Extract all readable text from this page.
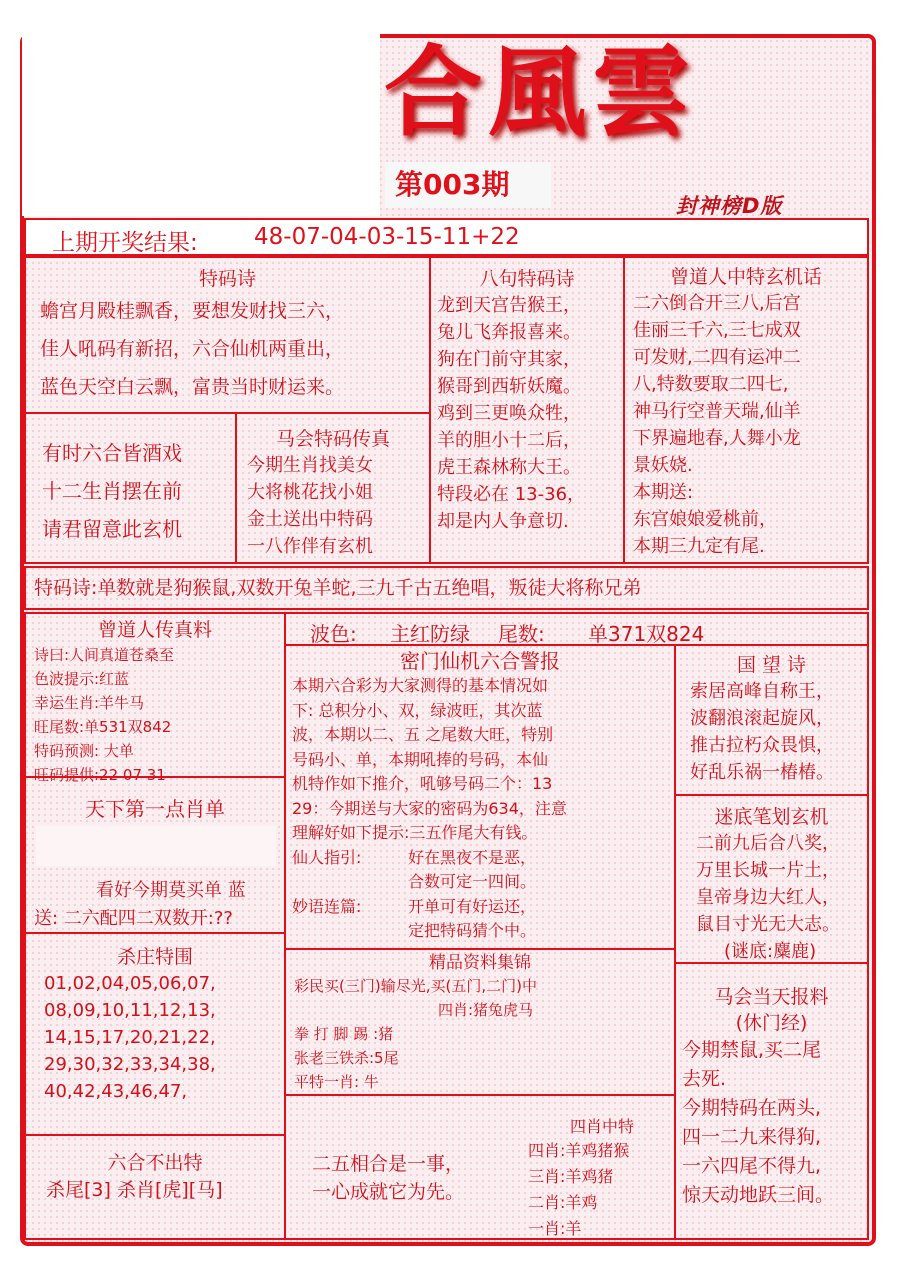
合風雲
第003期
封神榜D版
上期开奖结果: 48-07-04-03-15-11+22
特码诗
蟾宫月殿桂飘香，要想发财找三六，
佳人吼码有新招，六合仙机两重出，
蓝色天空白云飘，富贵当时财运来。
八句特码诗
龙到天宫告猴王，
兔儿飞奔报喜来。
狗在门前守其家，
猴哥到西斩妖魔。
鸡到三更唤众牲，
羊的胆小十二后，
虎王森林称大王。
特段必在 13-36，
却是内人争意切.
曾道人中特玄机话
二六倒合开三八,后宫
佳丽三千六,三七成双
可发财,二四有运冲二
八,特数要取二四七,
神马行空普天瑞,仙羊
下界遍地春,人舞小龙
景妖娆.
本期送:
东宫娘娘爱桃前，
本期三九定有尾.
有时六合皆酒戏
十二生肖摆在前
请君留意此玄机
马会特码传真
今期生肖找美女
大将桃花找小姐
金土送出中特码
一八作伴有玄机
特码诗:单数就是狗猴鼠,双数开兔羊蛇,三九千古五绝唱，叛徒大将称兄弟
曾道人传真料
诗曰:人间真道苍桑至
色波提示:红蓝
幸运生肖:羊牛马
旺尾数:单531双842
特码预测: 大单
旺码提供:22 07 31
波色: 主红防绿 尾数: 单371双824
密门仙机六合警报
本期六合彩为大家测得的基本情况如
下: 总积分小、双，绿波旺，其次蓝
波，本期以二、五 之尾数大旺，特别
号码小、单，本期吼捧的号码，本仙
机特作如下推介，吼够号码二个：13
29：今期送与大家的密码为634，注意
理解好如下提示:三五作尾大有钱。
仙人指引:	好在黑夜不是恶，
合数可定一四间。
妙语连篇:	开单可有好运还，
定把特码猜个中。
国 望 诗
索居高峰自称王，
波翻浪滚起旋风，
推古拉朽众畏惧，
好乱乐祸一椿椿。
天下第一点肖单
看好今期莫买单 蓝
送: 二六配四二双数开:??
迷底笔划玄机
二前九后合八奖，
万里长城一片土，
皇帝身边大红人，
鼠目寸光无大志。
(谜底:麋鹿)
杀庄特围
01,02,04,05,06,07,
08,09,10,11,12,13,
14,15,17,20,21,22,
29,30,32,33,34,38,
40,42,43,46,47,
精品资料集锦
彩民买(三门)输尽光,买(五门,二门)中
四肖:猪兔虎马
拳 打 脚 踢 :猪
张老三铁杀:5尾
平特一肖: 牛
马会当天报料
(休门经)
今期禁鼠,买二尾
去死.
今期特码在两头,
四一二九来得狗,
一六四尾不得九,
惊天动地跃三间。
六合不出特
杀尾[3] 杀肖[虎][马]
二五相合是一事，
一心成就它为先。
四肖中特
四肖:羊鸡猪猴
三肖:羊鸡猪
二肖:羊鸡
一肖:羊
